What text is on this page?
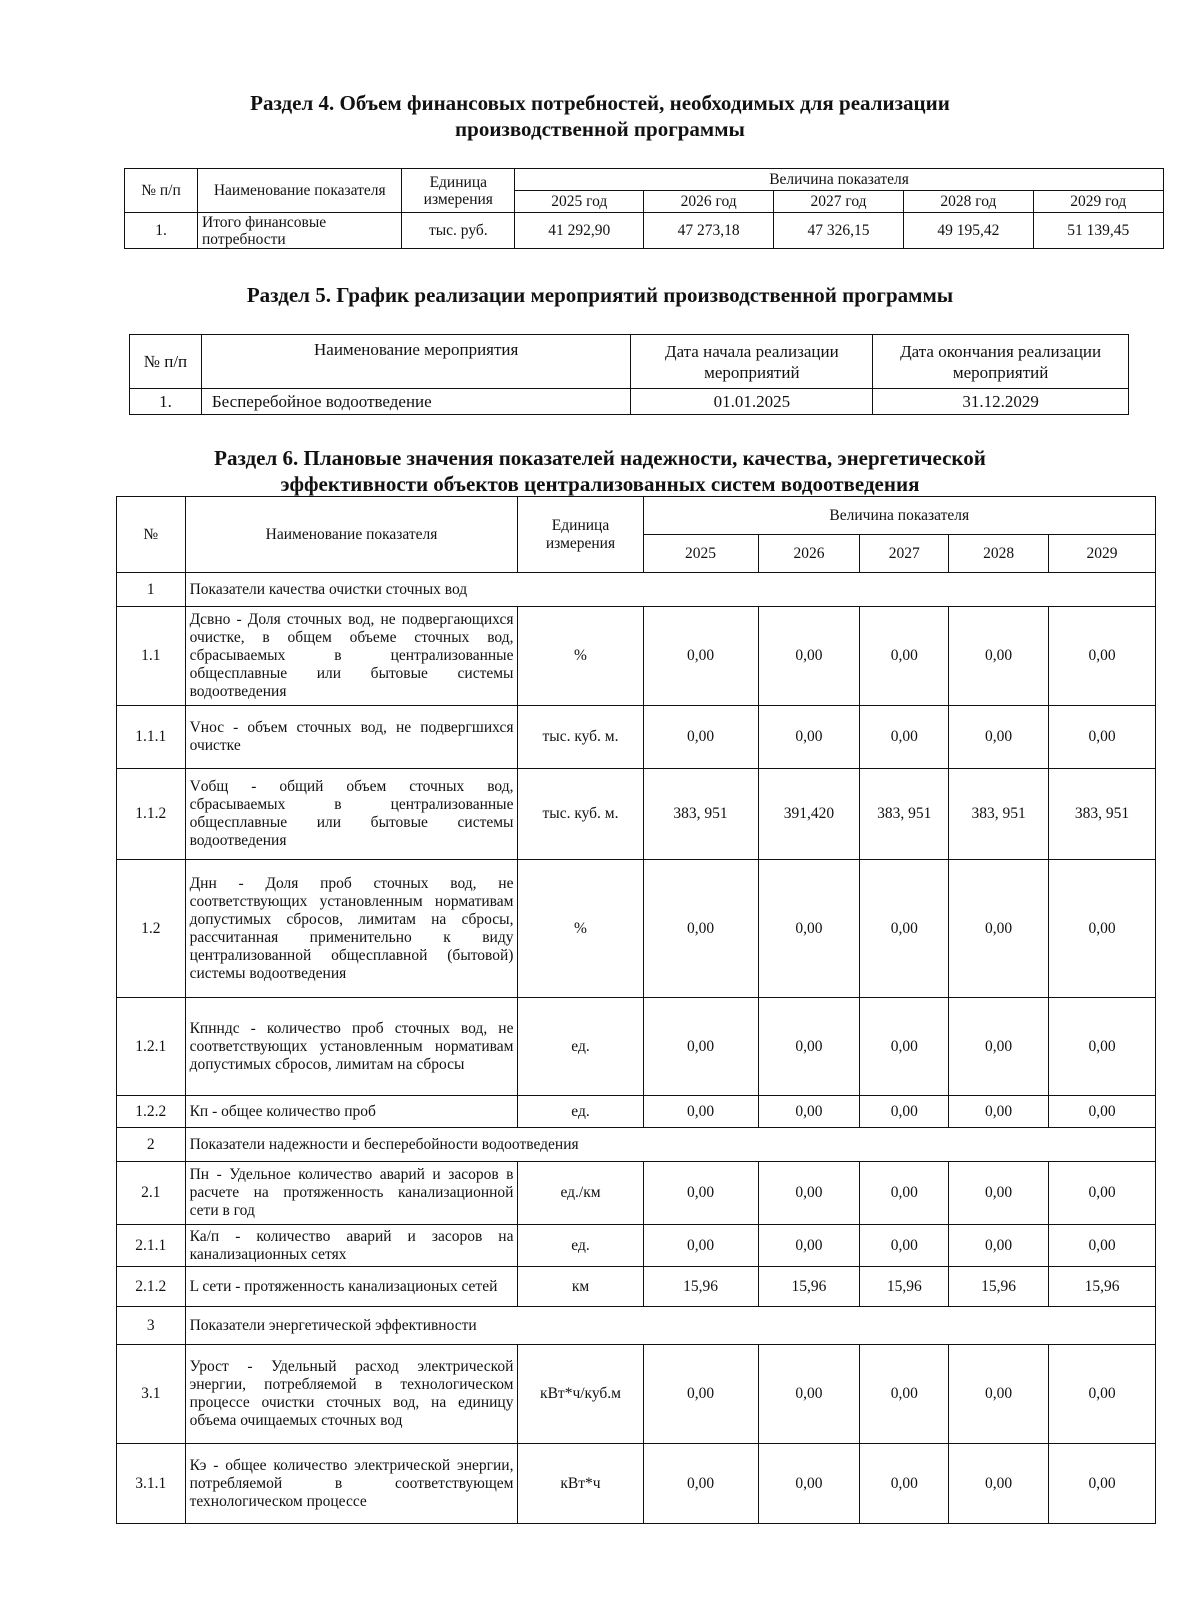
Раздел 4. Объем финансовых потребностей, необходимых для реализации
производственной программы
№ п/п	Наименование показателя	Единица измерения	Величина показателя				
			2025 год	2026 год	2027 год	2028 год	2029 год
1.	Итого финансовые потребности	тыс. руб.	41 292,90	47 273,18	47 326,15	49 195,42	51 139,45
Раздел 5. График реализации мероприятий производственной программы
№ п/п	Наименование мероприятия	Дата начала реализации мероприятий	Дата окончания реализации мероприятий
1.	Бесперебойное водоотведение	01.01.2025	31.12.2029
Раздел 6. Плановые значения показателей надежности, качества, энергетической
эффективности объектов централизованных систем водоотведения
№	Наименование показателя	Единица измерения	Величина показателя				
			2025	2026	2027	2028	2029
1	Показатели качества очистки сточных вод						
1.1	Дсвно - Доля сточных вод, не подвергающихся очистке, в общем объеме сточных вод, сбрасываемых в централизованные общесплавные или бытовые системы водоотведения	%	0,00	0,00	0,00	0,00	0,00
1.1.1	Vнос - объем сточных вод, не подвергшихся очистке	тыс. куб. м.	0,00	0,00	0,00	0,00	0,00
1.1.2	Vобщ - общий объем сточных вод, сбрасываемых в централизованные общесплавные или бытовые системы водоотведения	тыс. куб. м.	383, 951	391,420	383, 951	383, 951	383, 951
1.2	Днн - Доля проб сточных вод, не соответствующих установленным нормативам допустимых сбросов, лимитам на сбросы, рассчитанная применительно к виду централизованной общесплавной (бытовой) системы водоотведения	%	0,00	0,00	0,00	0,00	0,00
1.2.1	Кпнндс - количество проб сточных вод, не соответствующих установленным нормативам допустимых сбросов, лимитам на сбросы	ед.	0,00	0,00	0,00	0,00	0,00
1.2.2	Кп - общее количество проб	ед.	0,00	0,00	0,00	0,00	0,00
2	Показатели надежности и бесперебойности водоотведения						
2.1	Пн - Удельное количество аварий и засоров в расчете на протяженность канализационной сети в год	ед./км	0,00	0,00	0,00	0,00	0,00
2.1.1	Ка/п - количество аварий и засоров на канализационных сетях	ед.	0,00	0,00	0,00	0,00	0,00
2.1.2	L сети - протяженность канализационых сетей	км	15,96	15,96	15,96	15,96	15,96
3	Показатели энергетической эффективности						
3.1	Урост - Удельный расход электрической энергии, потребляемой в технологическом процессе очистки сточных вод, на единицу объема очищаемых сточных вод	кВт*ч/куб.м	0,00	0,00	0,00	0,00	0,00
3.1.1	Кэ - общее количество электрической энергии, потребляемой в соответствующем технологическом процессе	кВт*ч	0,00	0,00	0,00	0,00	0,00
